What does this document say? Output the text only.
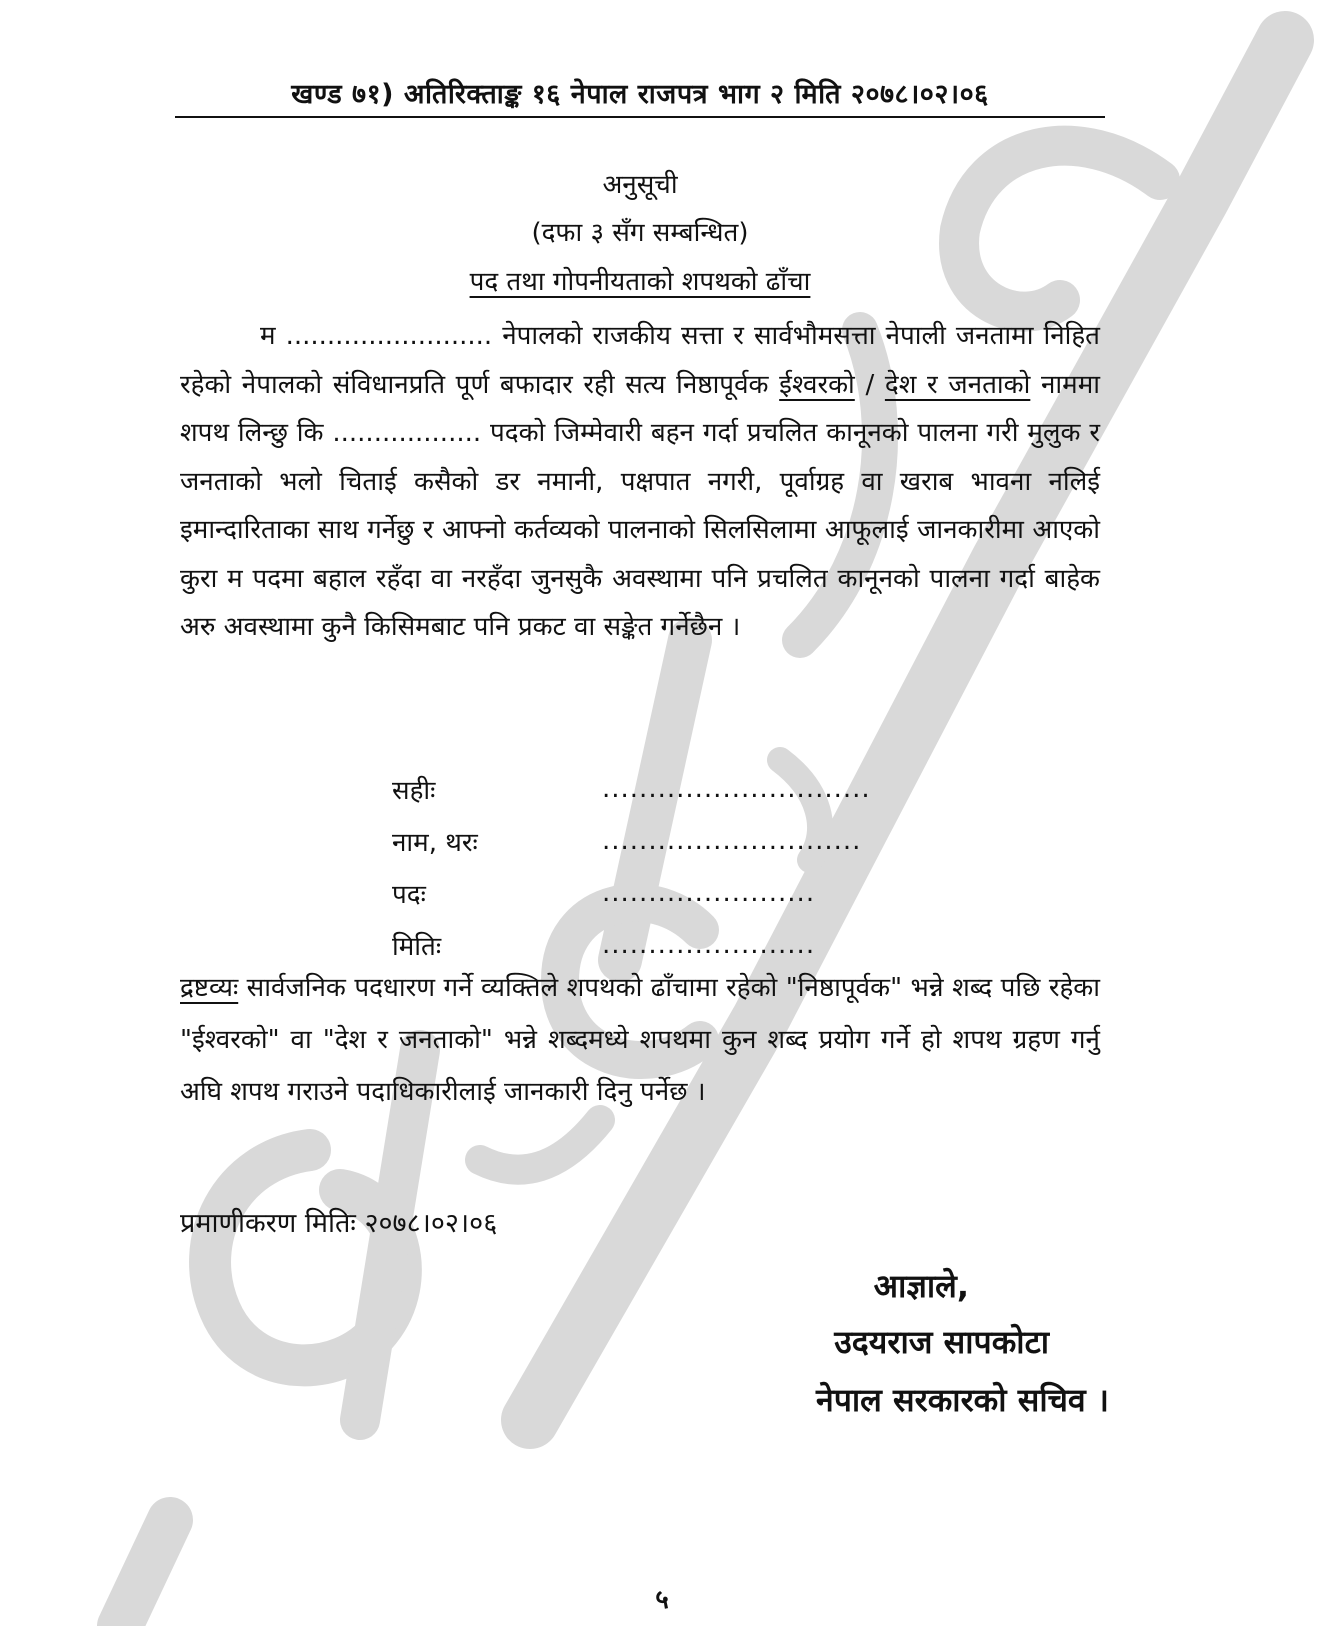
खण्ड ७१) अतिरिक्ताङ्क १६ नेपाल राजपत्र भाग २ मिति २०७८।०२।०६
अनुसूची
(दफा ३ सँग सम्बन्धित)
पद तथा गोपनीयताको शपथको ढाँचा
म ......................... नेपालको राजकीय सत्ता र सार्वभौमसत्ता नेपाली जनतामा निहित रहेको नेपालको संविधानप्रति पूर्ण बफादार रही सत्य निष्ठापूर्वक ईश्वरको / देश र जनताको नाममा शपथ लिन्छु कि .................. पदको जिम्मेवारी बहन गर्दा प्रचलित कानूनको पालना गरी मुलुक र जनताको भलो चिताई कसैको डर नमानी, पक्षपात नगरी, पूर्वाग्रह वा खराब भावना नलिई इमान्दारिताका साथ गर्नेछु र आफ्नो कर्तव्यको पालनाको सिलसिलामा आफूलाई जानकारीमा आएको कुरा म पदमा बहाल रहँदा वा नरहँदा जुनसुकै अवस्थामा पनि प्रचलित कानूनको पालना गर्दा बाहेक अरु अवस्थामा कुनै किसिमबाट पनि प्रकट वा सङ्केत गर्नेछैन ।
सहीः	.............................
नाम, थरः	............................
पदः	.......................
मितिः	.......................
द्रष्टव्यः सार्वजनिक पदधारण गर्ने व्यक्तिले शपथको ढाँचामा रहेको "निष्ठापूर्वक" भन्ने शब्द पछि रहेका "ईश्वरको" वा "देश र जनताको" भन्ने शब्दमध्ये शपथमा कुन शब्द प्रयोग गर्ने हो शपथ ग्रहण गर्नु अघि शपथ गराउने पदाधिकारीलाई जानकारी दिनु पर्नेछ ।
प्रमाणीकरण मितिः २०७८।०२।०६
आज्ञाले,
उदयराज सापकोटा
नेपाल सरकारको सचिव ।
५
